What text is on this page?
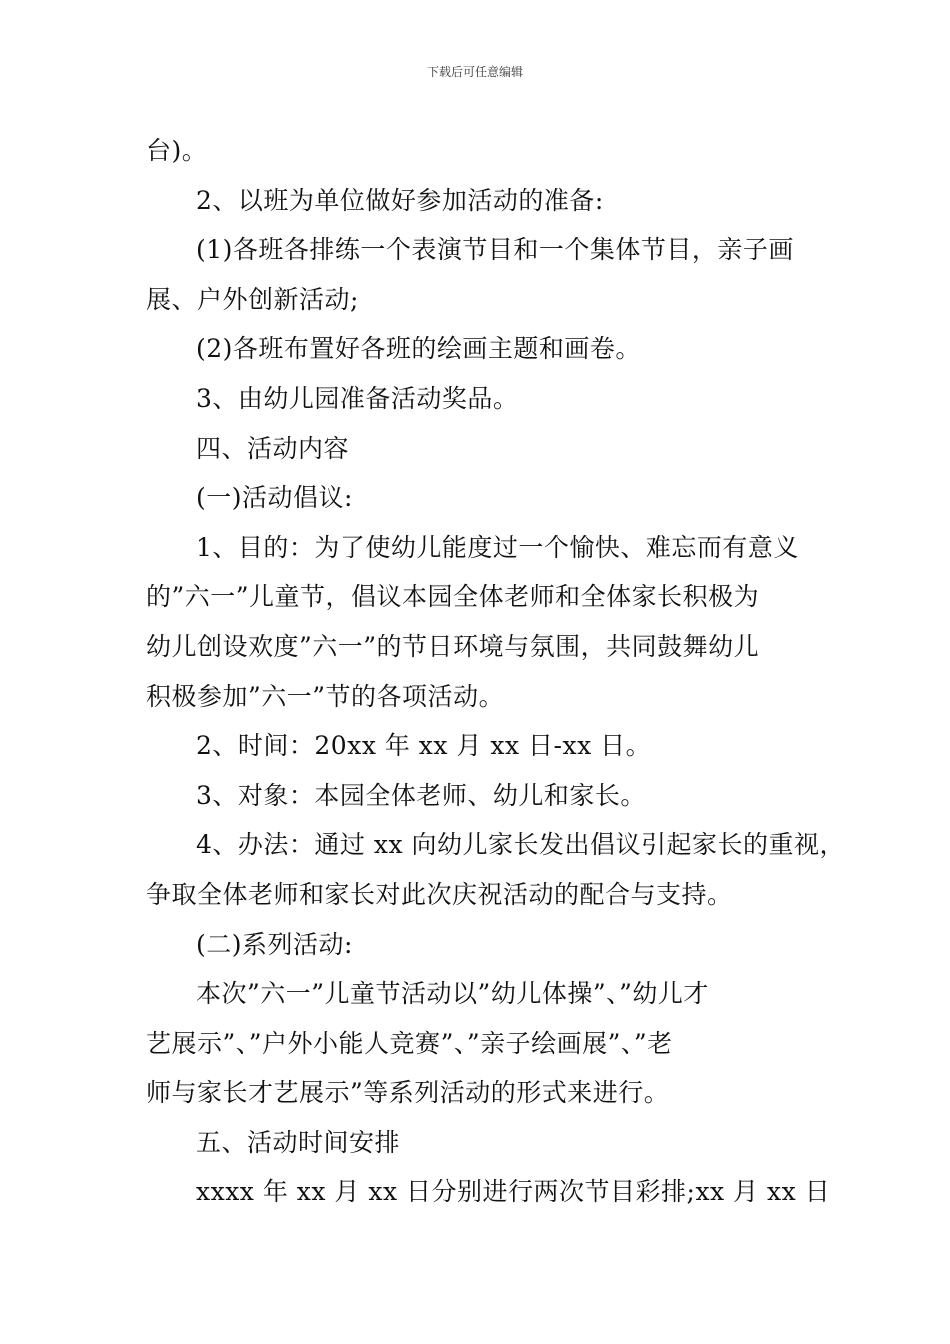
下载后可任意编辑

台)。

2、以班为单位做好参加活动的准备:

(1)各班各排练一个表演节目和一个集体节目，亲子画

展、户外创新活动;

(2)各班布置好各班的绘画主题和画卷。

3、由幼儿园准备活动奖品。

四、活动内容

(一)活动倡议:

1、目的：为了使幼儿能度过一个愉快、难忘而有意义

的”六一”儿童节，倡议本园全体老师和全体家长积极为

幼儿创设欢度”六一”的节日环境与氛围，共同鼓舞幼儿

积极参加”六一”节的各项活动。

2、时间：20xx 年 xx 月 xx 日-xx 日。

3、对象：本园全体老师、幼儿和家长。

4、办法：通过 xx 向幼儿家长发出倡议引起家长的重视，

争取全体老师和家长对此次庆祝活动的配合与支持。

(二)系列活动:

本次”六一”儿童节活动以”幼儿体操”、”幼儿才

艺展示”、”户外小能人竞赛”、”亲子绘画展”、”老

师与家长才艺展示”等系列活动的形式来进行。

五、活动时间安排

xxxx 年 xx 月 xx 日分别进行两次节目彩排;xx 月 xx 日
